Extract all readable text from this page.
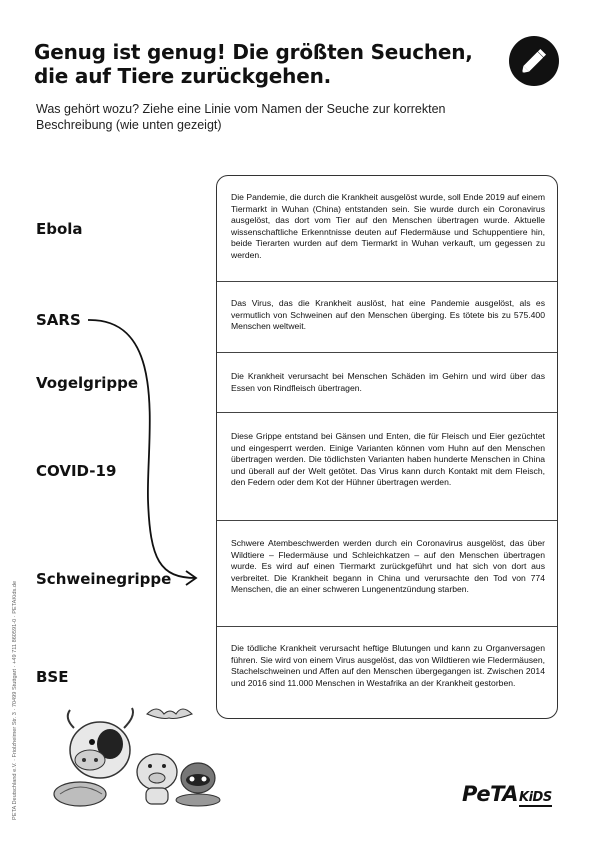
Genug ist genug! Die größten Seuchen,
die auf Tiere zurückgehen.
Was gehört wozu? Ziehe eine Linie vom Namen der Seuche zur korrekten Beschreibung (wie unten gezeigt)
Ebola
SARS
Vogelgrippe
COVID-19
Schweinegrippe
BSE
Die Pandemie, die durch die Krankheit ausgelöst wurde, soll Ende 2019 auf einem Tiermarkt in Wuhan (China) entstanden sein. Sie wurde durch ein Coronavirus ausgelöst, das dort vom Tier auf den Menschen übertragen wurde. Aktuelle wissenschaftliche Erkenntnisse deuten auf Fledermäuse und Schuppentiere hin, beide Tierarten wurden auf dem Tiermarkt in Wuhan verkauft, um gegessen zu werden.
Das Virus, das die Krankheit auslöst, hat eine Pandemie ausgelöst, als es vermutlich von Schweinen auf den Menschen überging. Es tötete bis zu 575.400 Menschen weltweit.
Die Krankheit verursacht bei Menschen Schäden im Gehirn und wird über das Essen von Rindfleisch übertragen.
Diese Grippe entstand bei Gänsen und Enten, die für Fleisch und Eier gezüchtet und eingesperrt werden. Einige Varianten können vom Huhn auf den Menschen übertragen werden. Die tödlichsten Varianten haben hunderte Menschen in China und überall auf der Welt getötet. Das Virus kann durch Kontakt mit dem Fleisch, den Federn oder dem Kot der Hühner übertragen werden.
Schwere Atembeschwerden werden durch ein Coronavirus ausgelöst, das über Wildtiere – Fledermäuse und Schleichkatzen – auf den Menschen übertragen wurde. Es wird auf einen Tiermarkt zurückgeführt und hat sich von dort aus verbreitet. Die Krankheit begann in China und verursachte den Tod von 774 Menschen, die an einer schweren Lungenentzündung starben.
Die tödliche Krankheit verursacht heftige Blutungen und kann zu Organversagen führen. Sie wird von einem Virus ausgelöst, das von Wildtieren wie Fledermäusen, Stachelschweinen und Affen auf den Menschen übergegangen ist. Zwischen 2014 und 2016 sind 11.000 Menschen in Westafrika an der Krankheit gestorben.
PETA Deutschland e.V. · Friolzheimer Str. 3 · 70499 Stuttgart · +49 711 860591-0 · PETAKids.de	PeTAKiDS
